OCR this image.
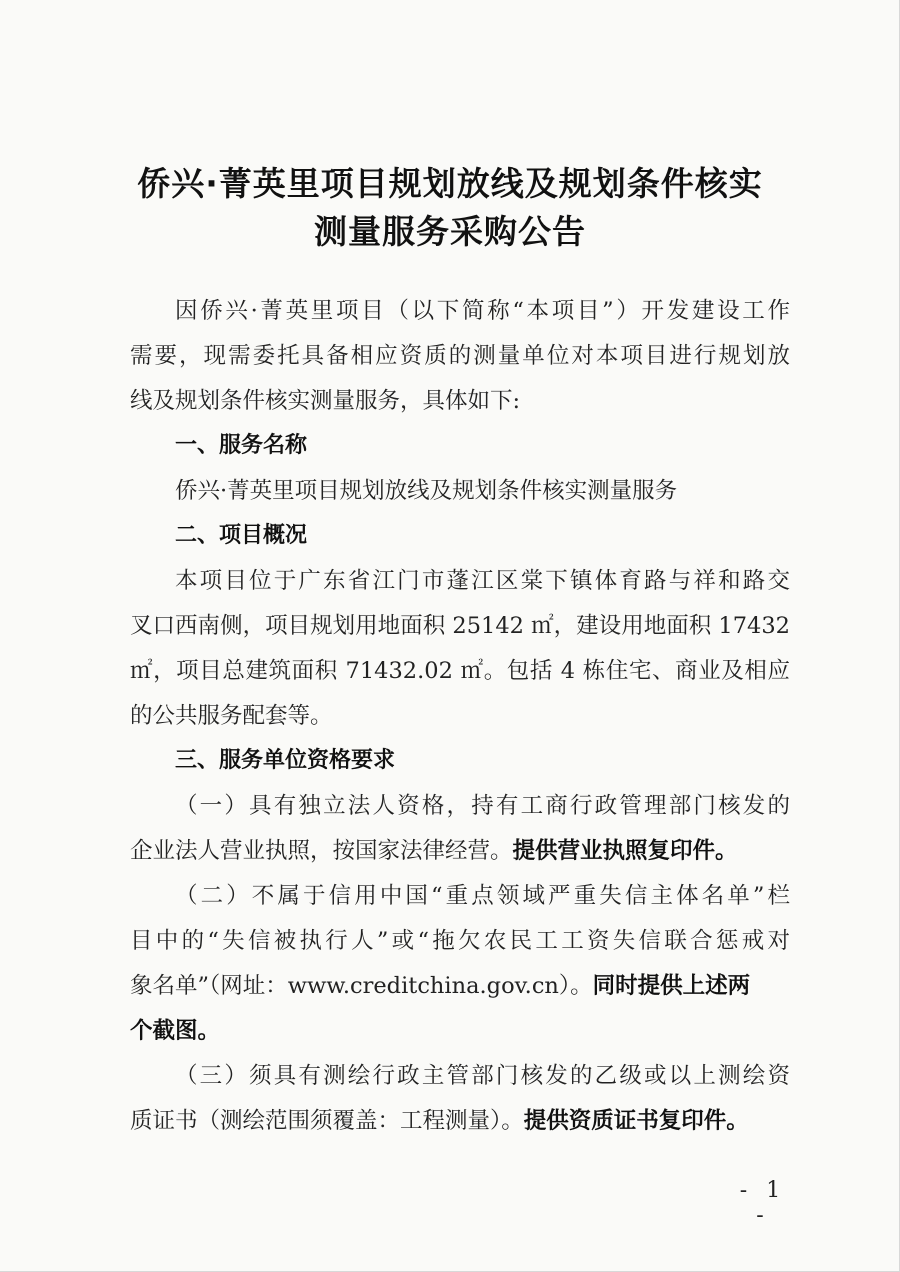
侨兴·菁英里项目规划放线及规划条件核实
测量服务采购公告
因侨兴·菁英里项目（以下简称“本项目”）开发建设工作
需要，现需委托具备相应资质的测量单位对本项目进行规划放
线及规划条件核实测量服务，具体如下:
一、服务名称
侨兴·菁英里项目规划放线及规划条件核实测量服务
二、项目概况
本项目位于广东省江门市蓬江区棠下镇体育路与祥和路交
叉口西南侧，项目规划用地面积 25142 ㎡，建设用地面积 17432
㎡，项目总建筑面积 71432.02 ㎡。包括 4 栋住宅、商业及相应
的公共服务配套等。
三、服务单位资格要求
（一）具有独立法人资格，持有工商行政管理部门核发的
企业法人营业执照，按国家法律经营。提供营业执照复印件。
（二）不属于信用中国“重点领域严重失信主体名单”栏
目中的“失信被执行人”或“拖欠农民工工资失信联合惩戒对
象名单”（网址：www.creditchina.gov.cn）。同时提供上述两
个截图。
（三）须具有测绘行政主管部门核发的乙级或以上测绘资
质证书（测绘范围须覆盖：工程测量）。提供资质证书复印件。
- 1 -
